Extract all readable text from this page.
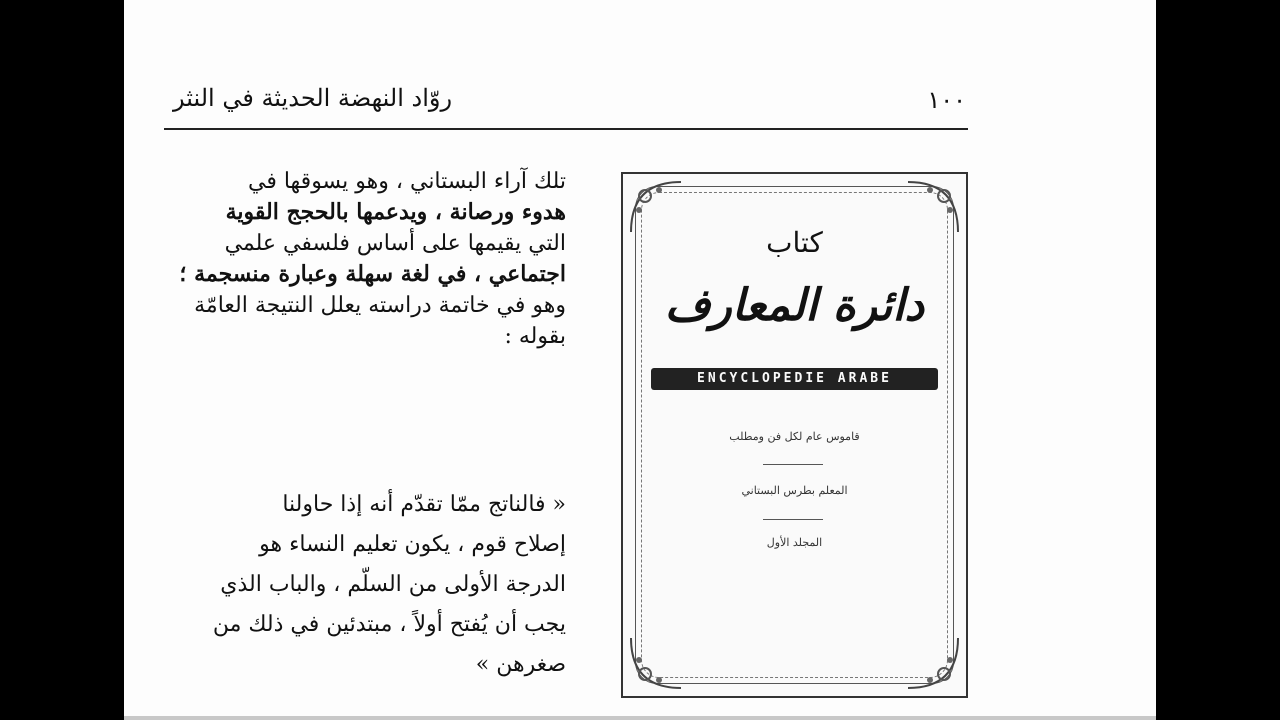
روّاد النهضة الحديثة في النثر	١٠٠

تلك آراء البستاني ، وهو يسوقها في
هدوء ورصانة ، ويدعمها بالحجج القوية
التي يقيمها على أساس فلسفي علمي
اجتماعي ، في لغة سهلة وعبارة منسجمة ؛
وهو في خاتمة دراسته يعلل النتيجة العامّة
بقوله :

« فالناتج ممّا تقدّم أنه إذا حاولنا
إصلاح قوم ، يكون تعليم النساء هو
الدرجة الأولى من السلّم ، والباب الذي
يجب أن يُفتح أولاً ، مبتدئين في ذلك من
صغرهن »

كتاب
دائرة المعارف
ENCYCLOPEDIE ARABE
قاموس عام لكل فن ومطلب
المعلم بطرس البستاني
المجلد الأول
